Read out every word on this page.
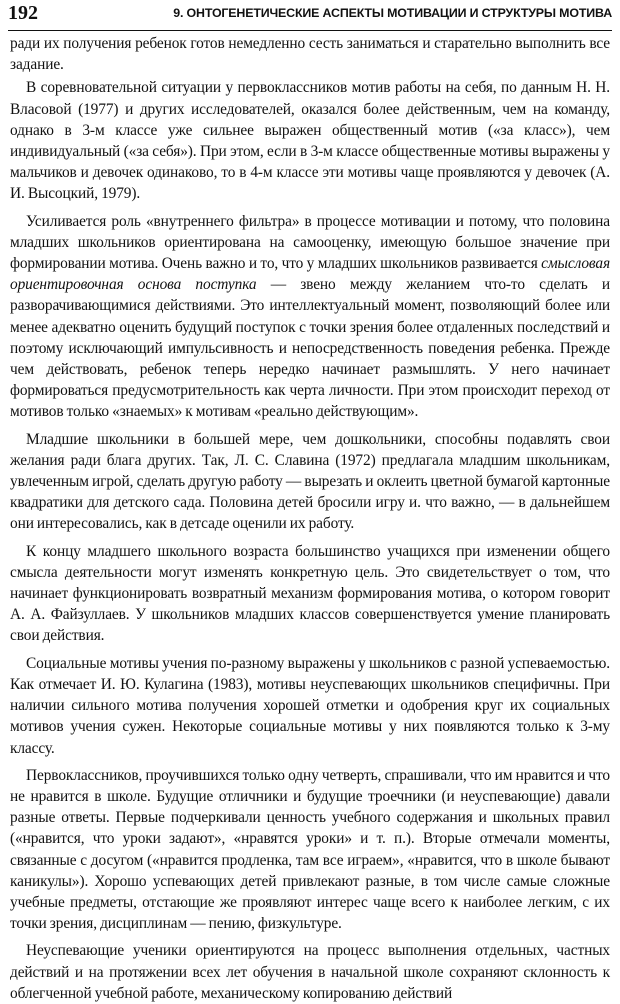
192	9. ОНТОГЕНЕТИЧЕСКИЕ АСПЕКТЫ МОТИВАЦИИ И СТРУКТУРЫ МОТИВА

ради их получения ребенок готов немедленно сесть заниматься и старательно выполнить все задание.

В соревновательной ситуации у первоклассников мотив работы на себя, по данным Н. Н. Власовой (1977) и других исследователей, оказался более действенным, чем на команду, однако в 3-м классе уже сильнее выражен общественный мотив («за класс»), чем индивидуальный («за себя»). При этом, если в 3-м классе общественные мотивы выражены у мальчиков и девочек одинаково, то в 4-м классе эти мотивы чаще проявляются у девочек (А. И. Высоцкий, 1979).

Усиливается роль «внутреннего фильтра» в процессе мотивации и потому, что половина младших школьников ориентирована на самооценку, имеющую большое значение при формировании мотива. Очень важно и то, что у младших школьников развивается смысловая ориентировочная основа поступка — звено между желанием что-то сделать и разворачивающимися действиями. Это интеллектуальный момент, позволяющий более или менее адекватно оценить будущий поступок с точки зрения более отдаленных последствий и поэтому исключающий импульсивность и непосредственность поведения ребенка. Прежде чем действовать, ребенок теперь нередко начинает размышлять. У него начинает формироваться предусмотрительность как черта личности. При этом происходит переход от мотивов только «знаемых» к мотивам «реально действующим».

Младшие школьники в большей мере, чем дошкольники, способны подавлять свои желания ради блага других. Так, Л. С. Славина (1972) предлагала младшим школьникам, увлеченным игрой, сделать другую работу — вырезать и оклеить цветной бумагой картонные квадратики для детского сада. Половина детей бросили игру и. что важно, — в дальнейшем они интересовались, как в детсаде оценили их работу.

К концу младшего школьного возраста большинство учащихся при изменении общего смысла деятельности могут изменять конкретную цель. Это свидетельствует о том, что начинает функционировать возвратный механизм формирования мотива, о котором говорит А. А. Файзуллаев. У школьников младших классов совершенствуется умение планировать свои действия.

Социальные мотивы учения по-разному выражены у школьников с разной успеваемостью. Как отмечает И. Ю. Кулагина (1983), мотивы неуспевающих школьников специфичны. При наличии сильного мотива получения хорошей отметки и одобрения круг их социальных мотивов учения сужен. Некоторые социальные мотивы у них появляются только к 3-му классу.

Первоклассников, проучившихся только одну четверть, спрашивали, что им нравится и что не нравится в школе. Будущие отличники и будущие троечники (и неуспевающие) давали разные ответы. Первые подчеркивали ценность учебного содержания и школьных правил («нравится, что уроки задают», «нравятся уроки» и т. п.). Вторые отмечали моменты, связанные с досугом («нравится продленка, там все играем», «нравится, что в школе бывают каникулы»). Хорошо успевающих детей привлекают разные, в том числе самые сложные учебные предметы, отстающие же проявляют интерес чаще всего к наиболее легким, с их точки зрения, дисциплинам — пению, физкультуре.

Неуспевающие ученики ориентируются на процесс выполнения отдельных, частных действий и на протяжении всех лет обучения в начальной школе сохраняют склонность к облегченной учебной работе, механическому копированию действий
